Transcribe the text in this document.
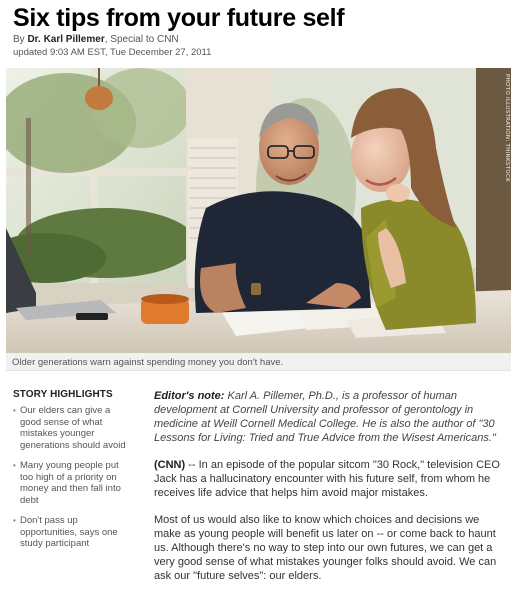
Six tips from your future self
By Dr. Karl Pillemer, Special to CNN
updated 9:03 AM EST, Tue December 27, 2011
PHOTO ILLUSTRATION: THINKSTOCK
Older generations warn against spending money you don't have.
STORY HIGHLIGHTS
• Our elders can give a good sense of what mistakes younger generations should avoid
• Many young people put too high of a priority on money and then fall into debt
• Don't pass up opportunities, says one study participant

Editor's note: Karl A. Pillemer, Ph.D., is a professor of human development at Cornell University and professor of gerontology in medicine at Weill Cornell Medical College. He is also the author of "30 Lessons for Living: Tried and True Advice from the Wisest Americans."

(CNN) -- In an episode of the popular sitcom "30 Rock," television CEO Jack has a hallucinatory encounter with his future self, from whom he receives life advice that helps him avoid major mistakes.

Most of us would also like to know which choices and decisions we make as young people will benefit us later on -- or come back to haunt us. Although there's no way to step into our own futures, we can get a very good sense of what mistakes younger folks should avoid. We can ask our "future selves": our elders.
